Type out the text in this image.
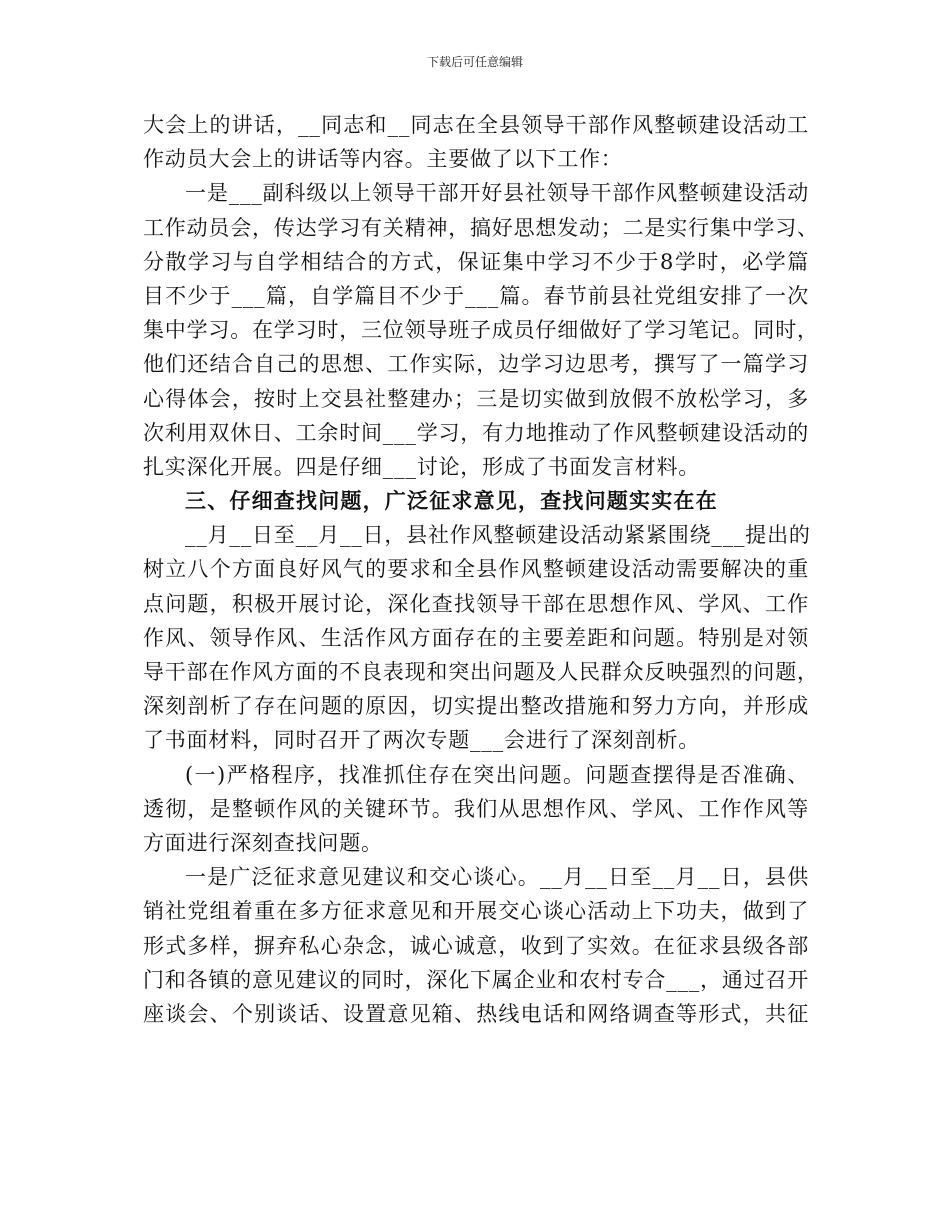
下载后可任意编辑
大会上的讲话，__同志和__同志在全县领导干部作风整顿建设活动工
作动员大会上的讲话等内容。主要做了以下工作：
一是___副科级以上领导干部开好县社领导干部作风整顿建设活动
工作动员会，传达学习有关精神，搞好思想发动；二是实行集中学习、
分散学习与自学相结合的方式，保证集中学习不少于8学时，必学篇
目不少于___篇，自学篇目不少于___篇。春节前县社党组安排了一次
集中学习。在学习时，三位领导班子成员仔细做好了学习笔记。同时，
他们还结合自己的思想、工作实际，边学习边思考，撰写了一篇学习
心得体会，按时上交县社整建办；三是切实做到放假不放松学习，多
次利用双休日、工余时间___学习，有力地推动了作风整顿建设活动的
扎实深化开展。四是仔细___讨论，形成了书面发言材料。
三、仔细查找问题，广泛征求意见，查找问题实实在在
__月__日至__月__日，县社作风整顿建设活动紧紧围绕___提出的
树立八个方面良好风气的要求和全县作风整顿建设活动需要解决的重
点问题，积极开展讨论，深化查找领导干部在思想作风、学风、工作
作风、领导作风、生活作风方面存在的主要差距和问题。特别是对领
导干部在作风方面的不良表现和突出问题及人民群众反映强烈的问题，
深刻剖析了存在问题的原因，切实提出整改措施和努力方向，并形成
了书面材料，同时召开了两次专题___会进行了深刻剖析。
(一)严格程序，找准抓住存在突出问题。问题查摆得是否准确、
透彻，是整顿作风的关键环节。我们从思想作风、学风、工作作风等
方面进行深刻查找问题。
一是广泛征求意见建议和交心谈心。__月__日至__月__日，县供
销社党组着重在多方征求意见和开展交心谈心活动上下功夫，做到了
形式多样，摒弃私心杂念，诚心诚意，收到了实效。在征求县级各部
门和各镇的意见建议的同时，深化下属企业和农村专合___，通过召开
座谈会、个别谈话、设置意见箱、热线电话和网络调查等形式，共征
